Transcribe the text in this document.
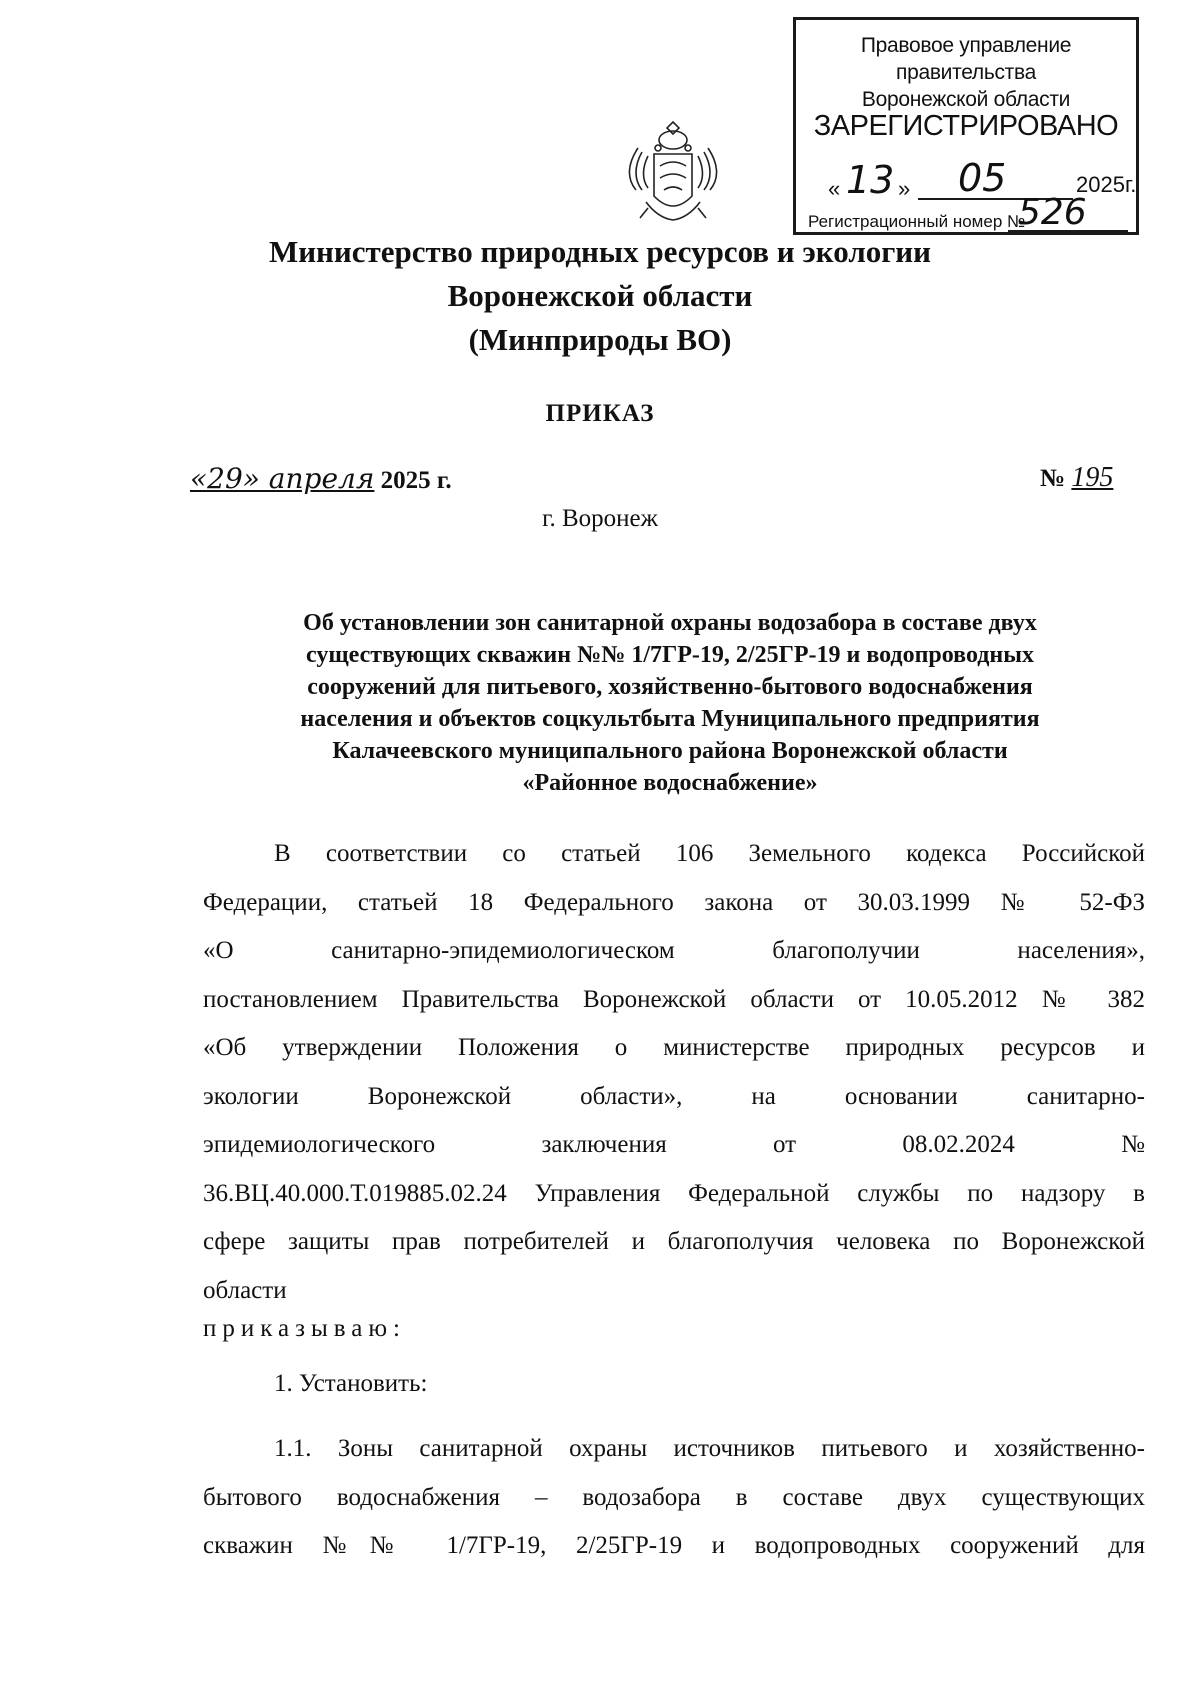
Правовое управление правительства
Воронежской области
ЗАРЕГИСТРИРОВАНО
« 13 » 05	2025г.
Регистрационный номер №
526
Министерство природных ресурсов и экологии
Воронежской области
(Минприроды ВО)
ПРИКАЗ
«29» апреля 2025 г.	№ 195
г. Воронеж
Об установлении зон санитарной охраны водозабора в составе двух
существующих скважин №№ 1/7ГР-19, 2/25ГР-19 и водопроводных
сооружений для питьевого, хозяйственно-бытового водоснабжения
населения и объектов соцкультбыта Муниципального предприятия
Калачеевского муниципального района Воронежской области
«Районное водоснабжение»

В соответствии со статьей 106 Земельного кодекса Российской

Федерации, статьей 18 Федерального закона от 30.03.1999 № 52-ФЗ

«О санитарно-эпидемиологическом благополучии населения»,

постановлением Правительства Воронежской области от 10.05.2012 № 382

«Об утверждении Положения о министерстве природных ресурсов и

экологии Воронежской области», на основании санитарно-

эпидемиологического заключения от 08.02.2024 №

36.ВЦ.40.000.Т.019885.02.24 Управления Федеральной службы по надзору в

сфере защиты прав потребителей и благополучия человека по Воронежской

области

приказываю:
1. Установить:

1.1. Зоны санитарной охраны источников питьевого и хозяйственно-

бытового водоснабжения – водозабора в составе двух существующих

скважин №№ 1/7ГР-19, 2/25ГР-19 и водопроводных сооружений для
